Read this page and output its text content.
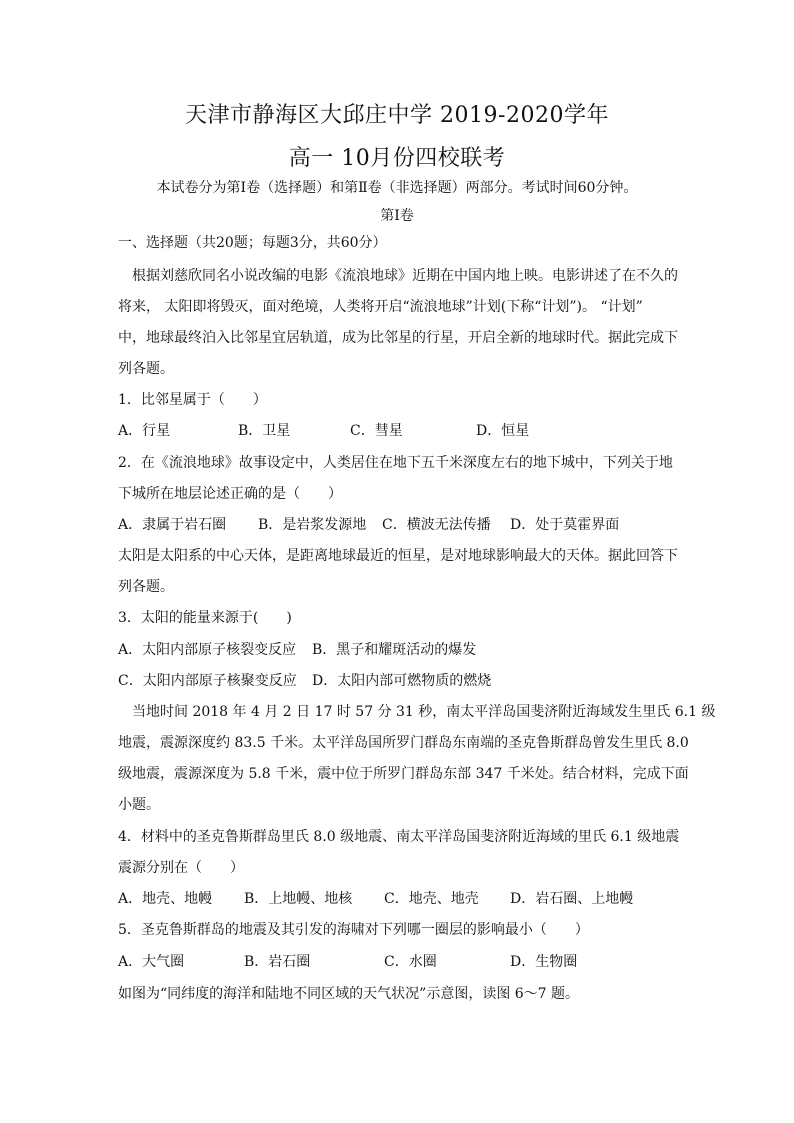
天津市静海区大邱庄中学 2019-2020学年
高一 10月份四校联考
本试卷分为第Ⅰ卷（选择题）和第Ⅱ卷（非选择题）两部分。考试时间60分钟。
第Ⅰ卷
一、选择题（共20题；每题3分，共60分）
　根据刘慈欣同名小说改编的电影《流浪地球》近期在中国内地上映。电影讲述了在不久的
将来， 太阳即将毁灭，面对绝境，人类将开启“流浪地球”计划(下称“计划”)。 “计划”
中，地球最终泊入比邻星宜居轨道，成为比邻星的行星，开启全新的地球时代。据此完成下
列各题。
1．比邻星属于（　　）
A．行星	B．卫星	C．彗星	D．恒星
2．在《流浪地球》故事设定中，人类居住在地下五千米深度左右的地下城中，下列关于地
下城所在地层论述正确的是（　　）
A．隶属于岩石圈 B．是岩浆发源地 C．横波无法传播 D．处于莫霍界面
太阳是太阳系的中心天体，是距离地球最近的恒星，是对地球影响最大的天体。据此回答下
列各题。
3．太阳的能量来源于(　　)
A．太阳内部原子核裂变反应 B．黑子和耀斑活动的爆发
C．太阳内部原子核聚变反应 D．太阳内部可燃物质的燃烧
　当地时间 2018 年 4 月 2 日 17 时 57 分 31 秒，南太平洋岛国斐济附近海域发生里氏 6.1 级
地震，震源深度约 83.5 千米。太平洋岛国所罗门群岛东南端的圣克鲁斯群岛曾发生里氏 8.0
级地震，震源深度为 5.8 千米，震中位于所罗门群岛东部 347 千米处。结合材料，完成下面
小题。
4．材料中的圣克鲁斯群岛里氏 8.0 级地震、南太平洋岛国斐济附近海域的里氏 6.1 级地震
震源分别在（　　）
A．地壳、地幔 B．上地幔、地核 C．地壳、地壳 D．岩石圈、上地幔
5．圣克鲁斯群岛的地震及其引发的海啸对下列哪一圈层的影响最小（　　）
A．大气圈	B．岩石圈	C．水圈	D．生物圈
如图为“同纬度的海洋和陆地不同区域的天气状况”示意图，读图 6～7 题。
